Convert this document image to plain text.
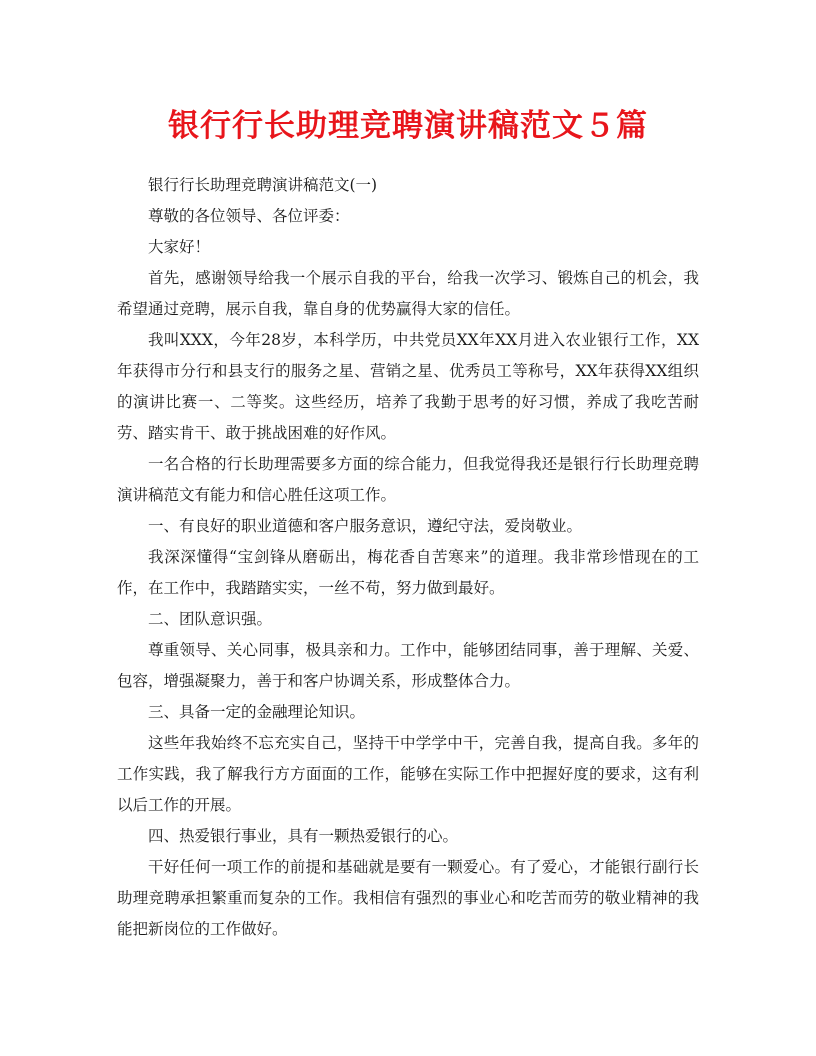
银行行长助理竞聘演讲稿范文５篇

银行行长助理竞聘演讲稿范文(一)

尊敬的各位领导、各位评委：

大家好！

首先，感谢领导给我一个展示自我的平台，给我一次学习、锻炼自己的机会，我希望通过竞聘，展示自我，靠自身的优势赢得大家的信任。

我叫XXX，今年28岁，本科学历，中共党员XX年XX月进入农业银行工作，XX年获得市分行和县支行的服务之星、营销之星、优秀员工等称号，XX年获得XX组织的演讲比赛一、二等奖。这些经历，培养了我勤于思考的好习惯，养成了我吃苦耐劳、踏实肯干、敢于挑战困难的好作风。

一名合格的行长助理需要多方面的综合能力，但我觉得我还是银行行长助理竞聘演讲稿范文有能力和信心胜任这项工作。

一、有良好的职业道德和客户服务意识，遵纪守法，爱岗敬业。

我深深懂得“宝剑锋从磨砺出，梅花香自苦寒来”的道理。我非常珍惜现在的工作，在工作中，我踏踏实实，一丝不苟，努力做到最好。

二、团队意识强。

尊重领导、关心同事，极具亲和力。工作中，能够团结同事，善于理解、关爱、包容，增强凝聚力，善于和客户协调关系，形成整体合力。

三、具备一定的金融理论知识。

这些年我始终不忘充实自己，坚持干中学学中干，完善自我，提高自我。多年的工作实践，我了解我行方方面面的工作，能够在实际工作中把握好度的要求，这有利以后工作的开展。

四、热爱银行事业，具有一颗热爱银行的心。

干好任何一项工作的前提和基础就是要有一颗爱心。有了爱心，才能银行副行长助理竞聘承担繁重而复杂的工作。我相信有强烈的事业心和吃苦而劳的敬业精神的我能把新岗位的工作做好。
